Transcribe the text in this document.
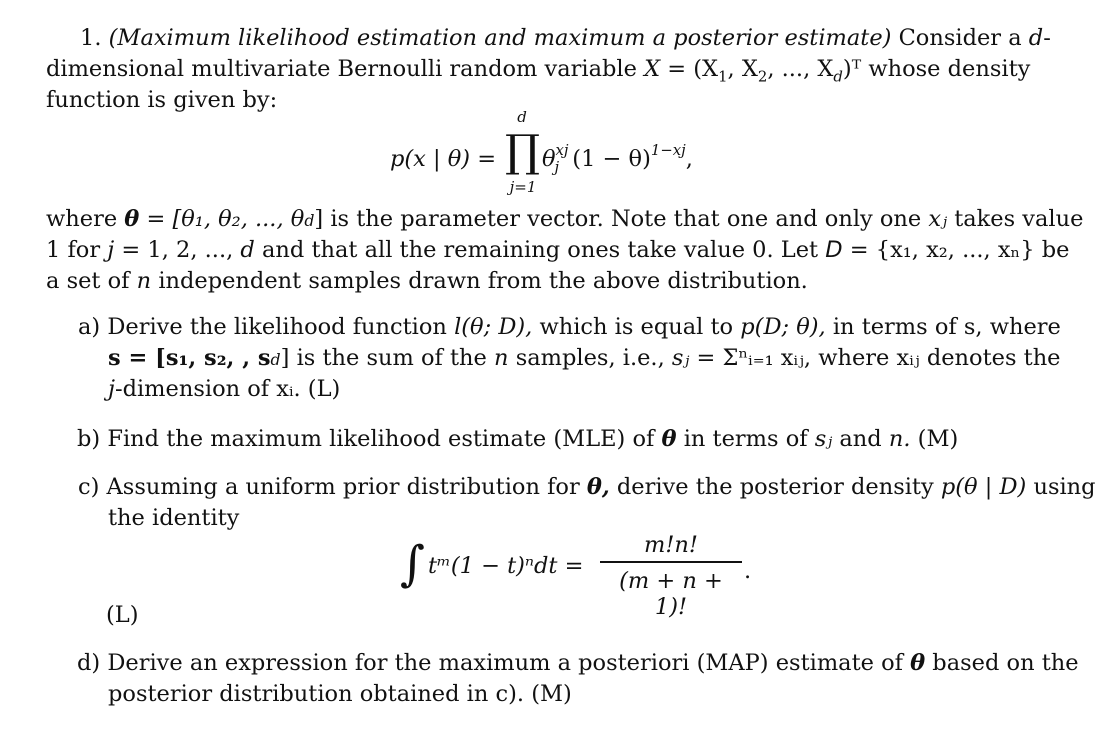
1. (Maximum likelihood estimation and maximum a posterior estimate) Consider a d-
dimensional multivariate Bernoulli random variable $X = (X_1$, $X_2$, ..., $X_d)ᵀ$ whose density
function is given by:
p(x | θ) =
d
∏
j=1
$\theta^{xj}_j$ $(1 - \theta)^{1-xj}$,
where θ = [θ₁, θ₂, ..., θd] is the parameter vector. Note that one and only one xⱼ takes value
1 for j = 1, 2, ..., d and that all the remaining ones take value 0. Let D = {x₁, x₂, ..., xₙ} be
a set of n independent samples drawn from the above distribution.
a) Derive the likelihood function l(θ; D), which is equal to p(D; θ), in terms of s, where
s = [s₁, s₂, , sd] is the sum of the n samples, i.e., sⱼ = Σⁿᵢ₌₁ xᵢⱼ, where xᵢⱼ denotes the
j-dimension of xᵢ. (L)
b) Find the maximum likelihood estimate (MLE) of θ in terms of sⱼ and n. (M)
c) Assuming a uniform prior distribution for θ, derive the posterior density p(θ | D) using
the identity
∫ tᵐ(1 − t)ⁿdt =
m!n!
(m + n + 1)!
.
(L)
d) Derive an expression for the maximum a posteriori (MAP) estimate of θ based on the
posterior distribution obtained in c). (M)
